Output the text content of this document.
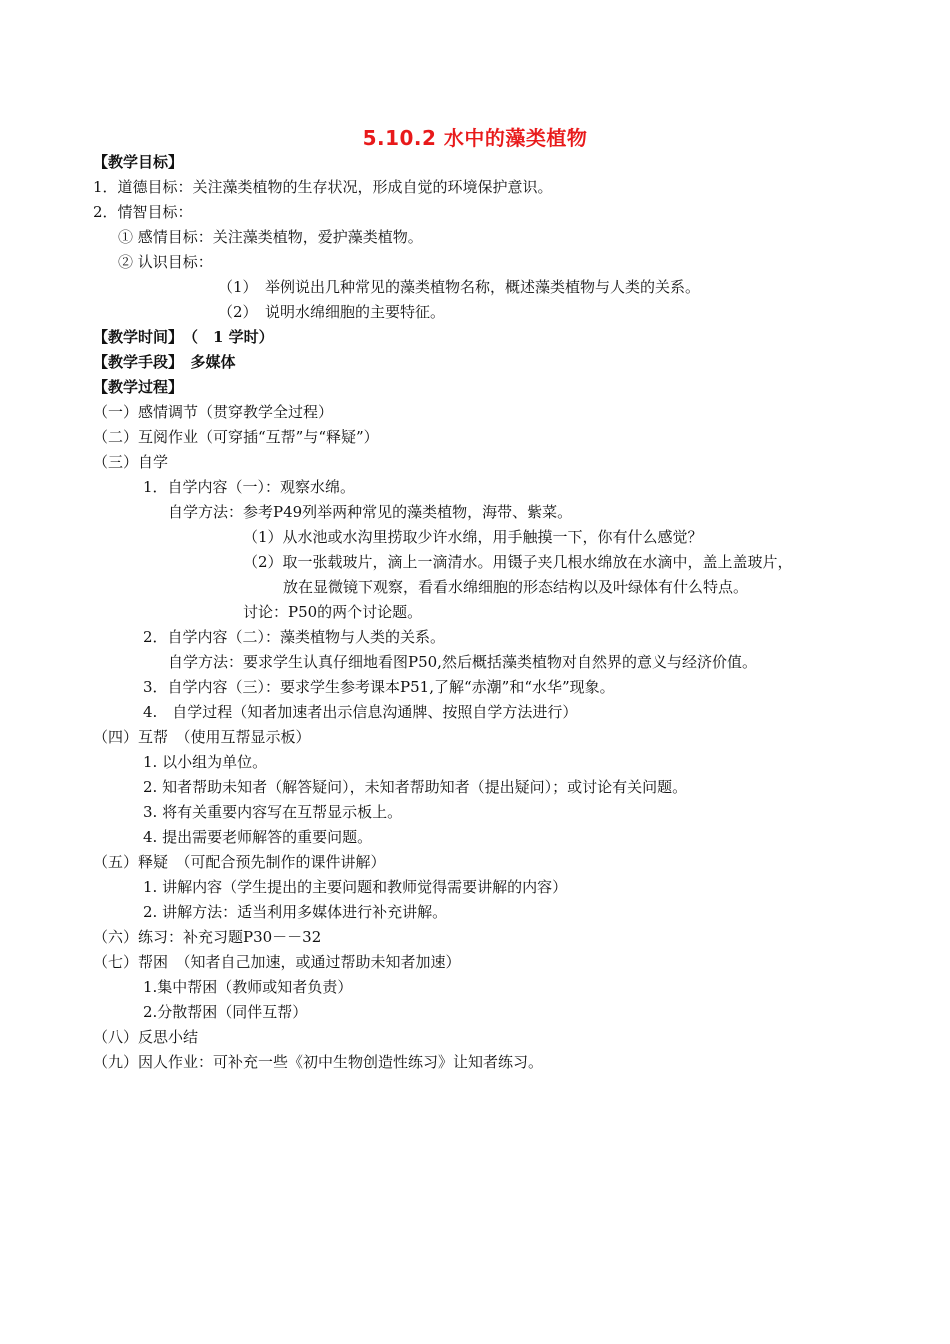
5.10.2 水中的藻类植物
【教学目标】
1．道德目标：关注藻类植物的生存状况，形成自觉的环境保护意识。
2．情智目标：
① 感情目标：关注藻类植物，爱护藻类植物。
② 认识目标：
（1）　举例说出几种常见的藻类植物名称，概述藻类植物与人类的关系。
（2）　说明水绵细胞的主要特征。
【教学时间】　（　1 学时）
【教学手段】　多媒体
【教学过程】
（一）感情调节（贯穿教学全过程）
（二）互阅作业（可穿插“互帮”与“释疑”）
（三）自学
1．自学内容（一）：观察水绵。
自学方法：参考P49列举两种常见的藻类植物，海带、紫菜。
（1）从水池或水沟里捞取少许水绵，用手触摸一下，你有什么感觉？
（2）取一张载玻片，滴上一滴清水。用镊子夹几根水绵放在水滴中，盖上盖玻片，
放在显微镜下观察，看看水绵细胞的形态结构以及叶绿体有什么特点。
讨论：P50的两个讨论题。
2．自学内容（二）：藻类植物与人类的关系。
自学方法：要求学生认真仔细地看图P50,然后概括藻类植物对自然界的意义与经济价值。
3．自学内容（三）：要求学生参考课本P51,了解“赤潮”和“水华”现象。
4.　自学过程（知者加速者出示信息沟通牌、按照自学方法进行）
（四）互帮　（使用互帮显示板）
1. 以小组为单位。
2. 知者帮助未知者（解答疑问），未知者帮助知者（提出疑问）；或讨论有关问题。
3. 将有关重要内容写在互帮显示板上。
4. 提出需要老师解答的重要问题。
（五）释疑　（可配合预先制作的课件讲解）
1. 讲解内容（学生提出的主要问题和教师觉得需要讲解的内容）
2. 讲解方法：适当利用多媒体进行补充讲解。
（六）练习：补充习题P30－－32
（七）帮困　（知者自己加速，或通过帮助未知者加速）
1.集中帮困（教师或知者负责）
2.分散帮困（同伴互帮）
（八）反思小结
（九）因人作业：可补充一些《初中生物创造性练习》让知者练习。
